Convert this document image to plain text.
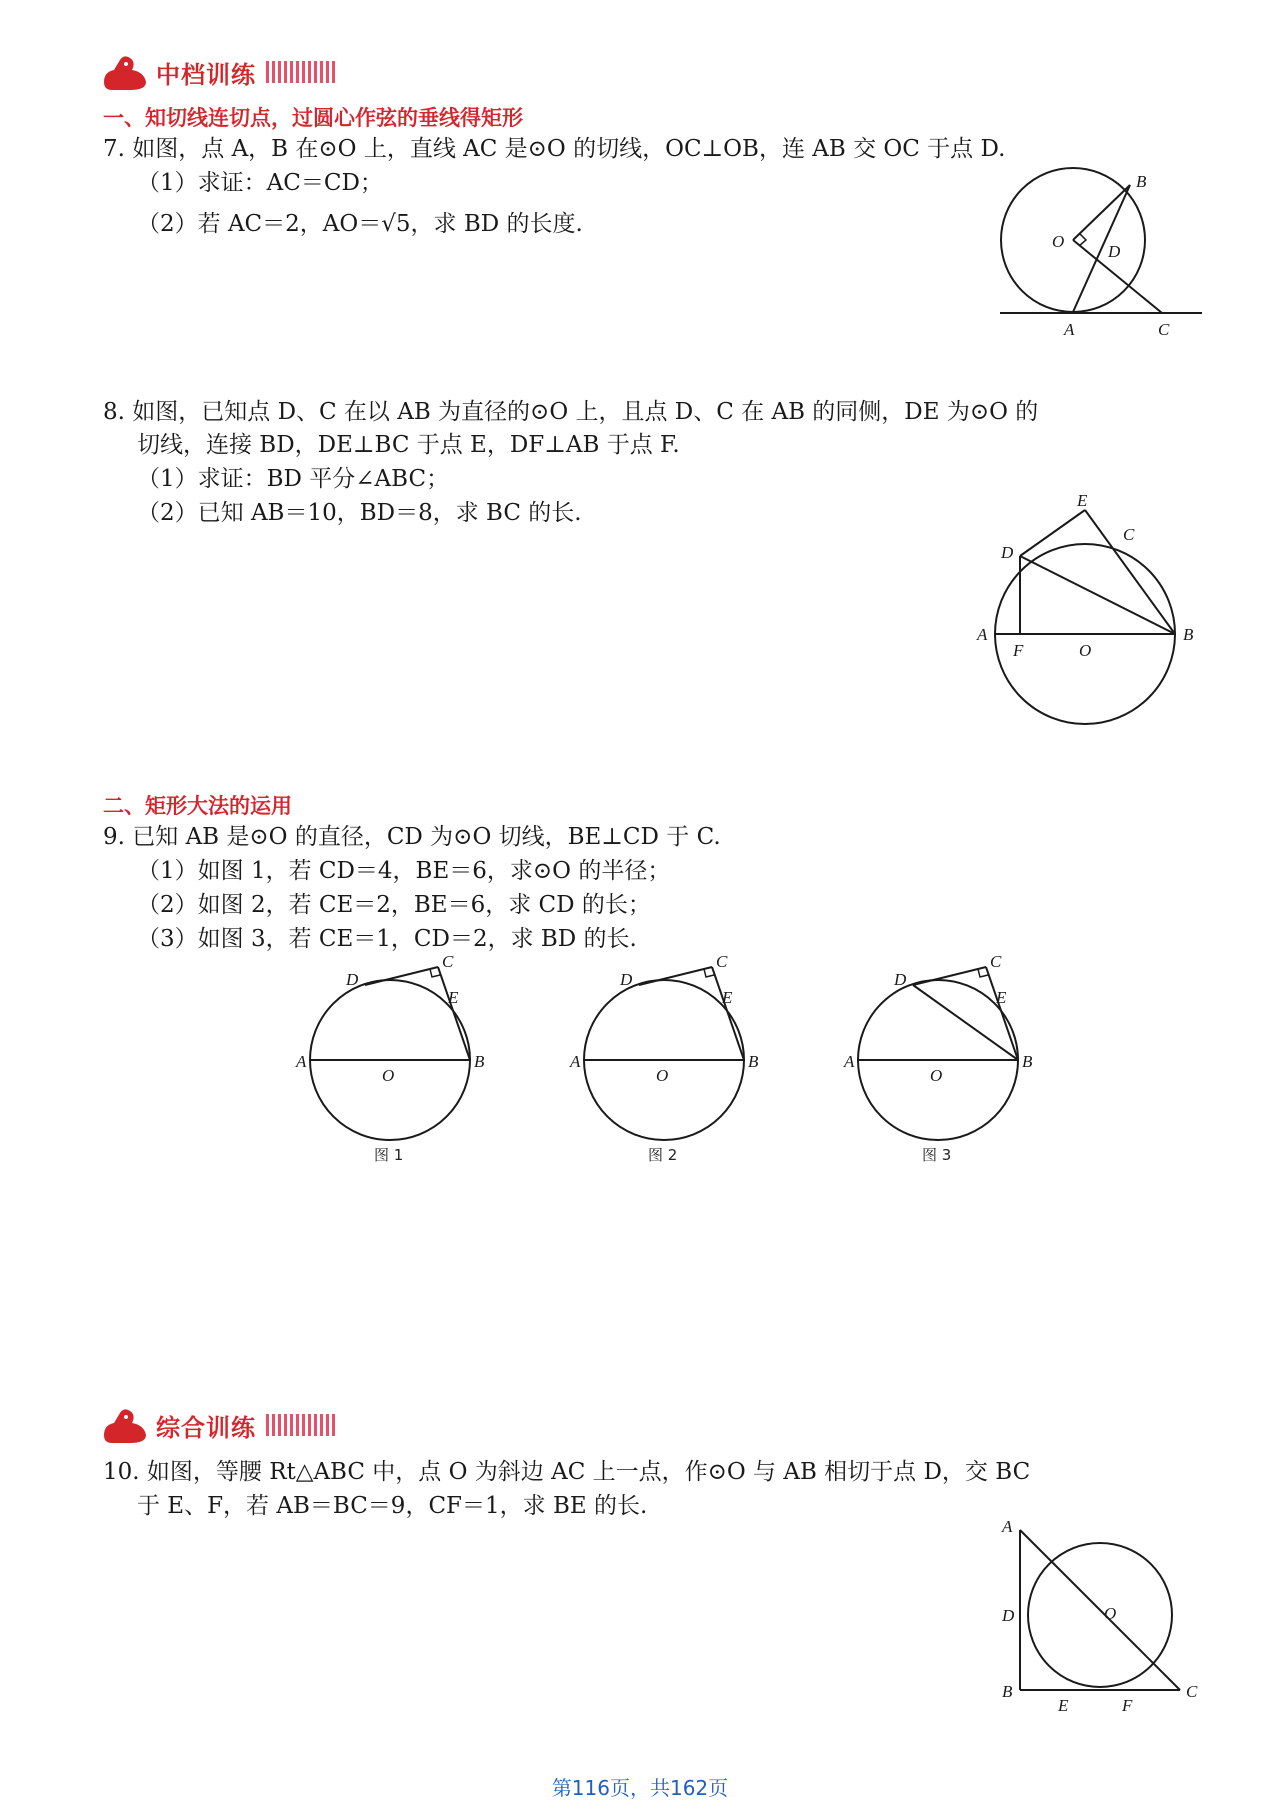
中档训练
一、知切线连切点，过圆心作弦的垂线得矩形
7. 如图，点 A，B 在⊙O 上，直线 AC 是⊙O 的切线，OC⊥OB，连 AB 交 OC 于点 D.
（1）求证：AC＝CD；
（2）若 AC＝2，AO＝√5，求 BD 的长度.
O
B
D
A	C
8. 如图，已知点 D、C 在以 AB 为直径的⊙O 上，且点 D、C 在 AB 的同侧，DE 为⊙O 的
切线，连接 BD，DE⊥BC 于点 E，DF⊥AB 于点 F.
（1）求证：BD 平分∠ABC；
（2）已知 AB＝10，BD＝8，求 BC 的长.	E
C
D
A
F	O
B
二、矩形大法的运用
9. 已知 AB 是⊙O 的直径，CD 为⊙O 切线，BE⊥CD 于 C.
（1）如图 1，若 CD＝4，BE＝6，求⊙O 的半径；
（2）如图 2，若 CE＝2，BE＝6，求 CD 的长；
（3）如图 3，若 CE＝1，CD＝2，求 BD 的长.
D
C
E
A
O
B
图 1
D
C
E
A
O
B
图 2
D
C
E
A
O
B
图 3
综合训练
10. 如图，等腰 Rt△ABC 中，点 O 为斜边 AC 上一点，作⊙O 与 AB 相切于点 D，交 BC
于 E、F，若 AB＝BC＝9，CF＝1，求 BE 的长.
A
D	O
B
E	F
C
第116页，共162页
